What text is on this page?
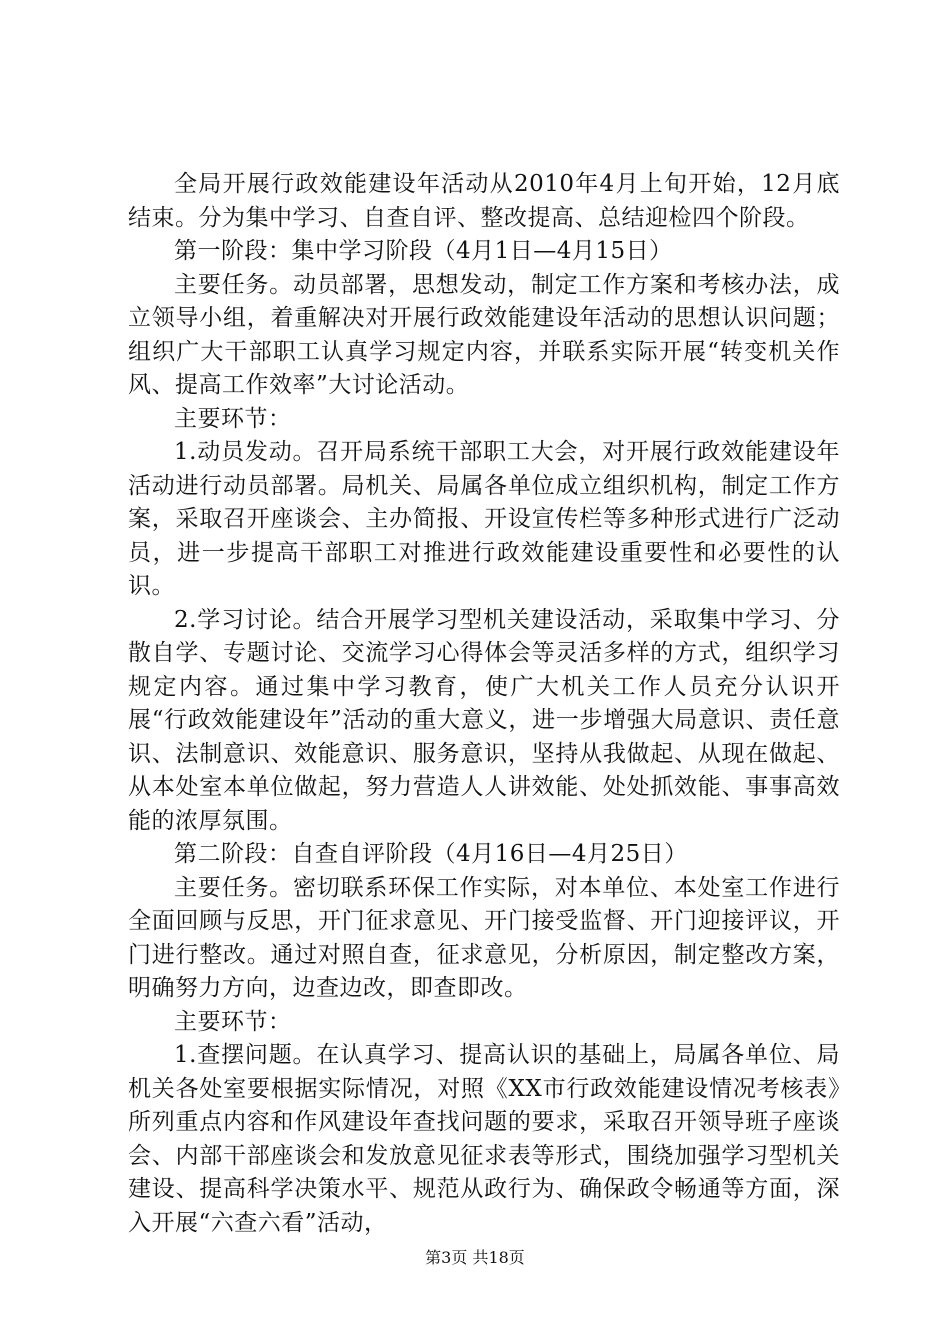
全局开展行政效能建设年活动从2010年4月上旬开始，12月底结束。分为集中学习、自查自评、整改提高、总结迎检四个阶段。

第一阶段：集中学习阶段（4月1日—4月15日）

主要任务。动员部署，思想发动，制定工作方案和考核办法，成立领导小组，着重解决对开展行政效能建设年活动的思想认识问题；组织广大干部职工认真学习规定内容，并联系实际开展“转变机关作风、提高工作效率”大讨论活动。

主要环节：

1.动员发动。召开局系统干部职工大会，对开展行政效能建设年活动进行动员部署。局机关、局属各单位成立组织机构，制定工作方案，采取召开座谈会、主办简报、开设宣传栏等多种形式进行广泛动员，进一步提高干部职工对推进行政效能建设重要性和必要性的认识。

2.学习讨论。结合开展学习型机关建设活动，采取集中学习、分散自学、专题讨论、交流学习心得体会等灵活多样的方式，组织学习规定内容。通过集中学习教育，使广大机关工作人员充分认识开展“行政效能建设年”活动的重大意义，进一步增强大局意识、责任意识、法制意识、效能意识、服务意识，坚持从我做起、从现在做起、从本处室本单位做起，努力营造人人讲效能、处处抓效能、事事高效能的浓厚氛围。

第二阶段：自查自评阶段（4月16日—4月25日）

主要任务。密切联系环保工作实际，对本单位、本处室工作进行全面回顾与反思，开门征求意见、开门接受监督、开门迎接评议，开门进行整改。通过对照自查，征求意见，分析原因，制定整改方案，明确努力方向，边查边改，即查即改。

主要环节：

1.查摆问题。在认真学习、提高认识的基础上，局属各单位、局机关各处室要根据实际情况，对照《XX市行政效能建设情况考核表》所列重点内容和作风建设年查找问题的要求，采取召开领导班子座谈会、内部干部座谈会和发放意见征求表等形式，围绕加强学习型机关建设、提高科学决策水平、规范从政行为、确保政令畅通等方面，深入开展“六查六看”活动，

第3页 共18页
